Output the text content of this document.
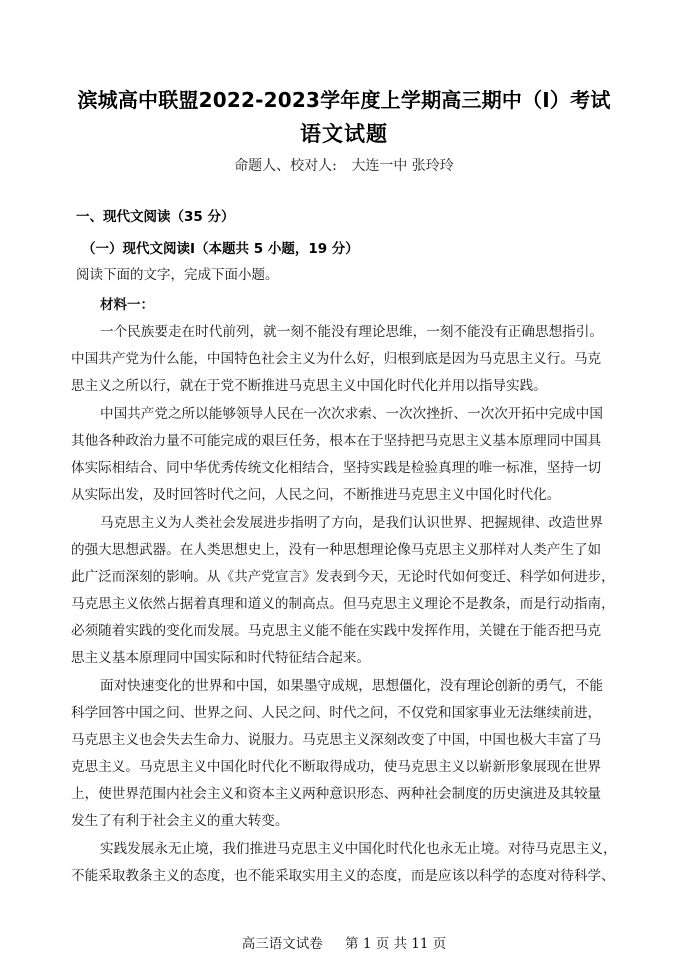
滨城高中联盟2022-2023学年度上学期高三期中（Ⅰ）考试
语文试题
命题人、校对人: 大连一中 张玲玲
一、现代文阅读（35 分）
（一）现代文阅读Ⅰ（本题共 5 小题，19 分）
阅读下面的文字，完成下面小题。
材料一：
一个民族要走在时代前列，就一刻不能没有理论思维，一刻不能没有正确思想指引。
中国共产党为什么能，中国特色社会主义为什么好，归根到底是因为马克思主义行。马克
思主义之所以行，就在于党不断推进马克思主义中国化时代化并用以指导实践。
中国共产党之所以能够领导人民在一次次求索、一次次挫折、一次次开拓中完成中国
其他各种政治力量不可能完成的艰巨任务，根本在于坚持把马克思主义基本原理同中国具
体实际相结合、同中华优秀传统文化相结合，坚持实践是检验真理的唯一标准，坚持一切
从实际出发，及时回答时代之问，人民之问，不断推进马克思主义中国化时代化。
马克思主义为人类社会发展进步指明了方向，是我们认识世界、把握规律、改造世界
的强大思想武器。在人类思想史上，没有一种思想理论像马克思主义那样对人类产生了如
此广泛而深刻的影响。从《共产党宣言》发表到今天，无论时代如何变迁、科学如何进步，
马克思主义依然占据着真理和道义的制高点。但马克思主义理论不是教条，而是行动指南，
必须随着实践的变化而发展。马克思主义能不能在实践中发挥作用，关键在于能否把马克
思主义基本原理同中国实际和时代特征结合起来。
面对快速变化的世界和中国，如果墨守成规，思想僵化，没有理论创新的勇气，不能
科学回答中国之问、世界之问、人民之问、时代之问，不仅党和国家事业无法继续前进，
马克思主义也会失去生命力、说服力。马克思主义深刻改变了中国，中国也极大丰富了马
克思主义。马克思主义中国化时代化不断取得成功，使马克思主义以崭新形象展现在世界
上，使世界范围内社会主义和资本主义两种意识形态、两种社会制度的历史演进及其较量
发生了有利于社会主义的重大转变。
实践发展永无止境，我们推进马克思主义中国化时代化也永无止境。对待马克思主义，
不能采取教条主义的态度，也不能采取实用主义的态度，而是应该以科学的态度对待科学、
高三语文试卷 第 1 页 共 11 页
